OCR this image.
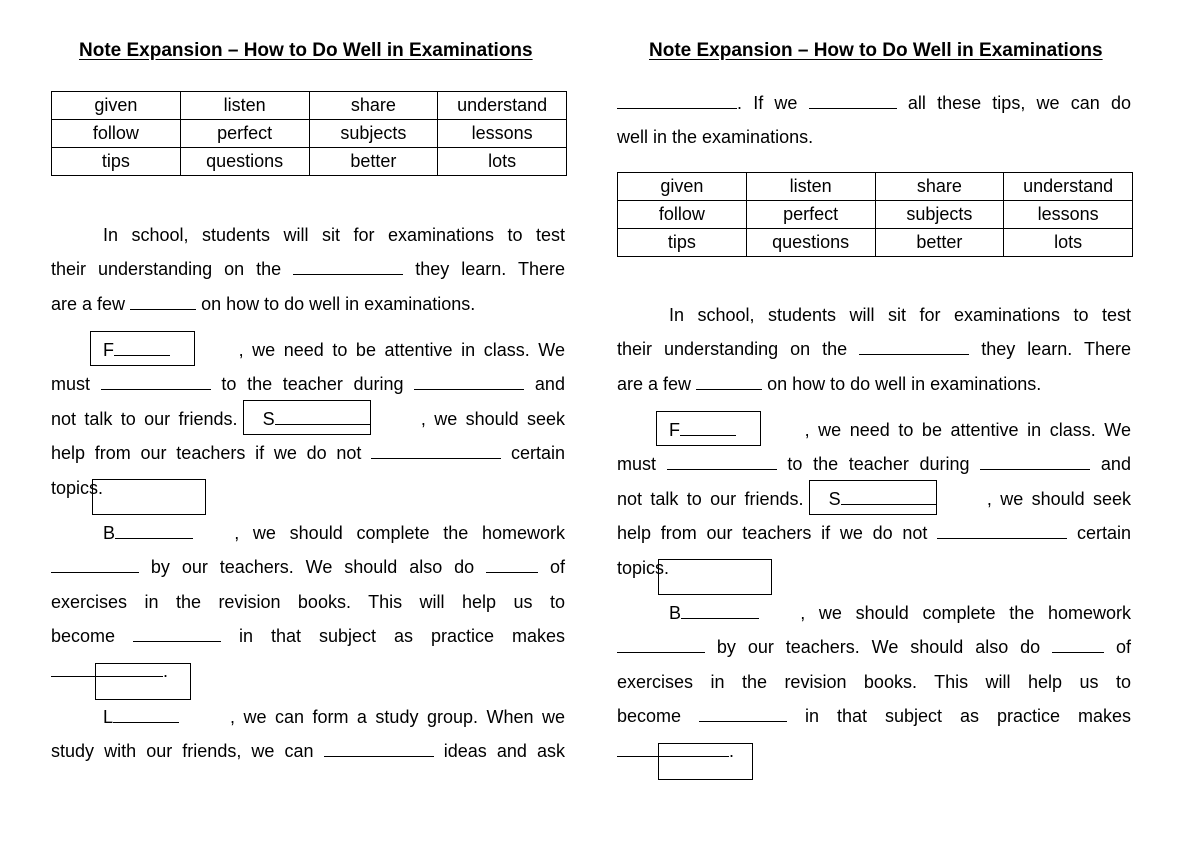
Note Expansion – How to Do Well in Examinations
given	listen	share	understand
follow	perfect	subjects	lessons
tips	questions	better	lots
In school, students will sit for examinations to test
their understanding on the	they learn. There
are a few	on how to do well in examinations.
F	, we need to be attentive in class. We
must	to the teacher during	and
not talk to our friends. S	, we should seek
help from our teachers if we do not	certain
topics.
B	, we should complete the homework
by our teachers. We should also do	of
exercises in the revision books. This will help us to
become	in that subject as practice makes
.
L	, we can form a study group. When we
study with our friends, we can	ideas and ask
Note Expansion – How to Do Well in Examinations
. If we	all these tips, we can do
well in the examinations.
given	listen	share	understand
follow	perfect	subjects	lessons
tips	questions	better	lots
In school, students will sit for examinations to test
their understanding on the	they learn. There
are a few	on how to do well in examinations.
F	, we need to be attentive in class. We
must	to the teacher during	and
not talk to our friends. S	, we should seek
help from our teachers if we do not	certain
topics.
B	, we should complete the homework
by our teachers. We should also do	of
exercises in the revision books. This will help us to
become	in that subject as practice makes
.
